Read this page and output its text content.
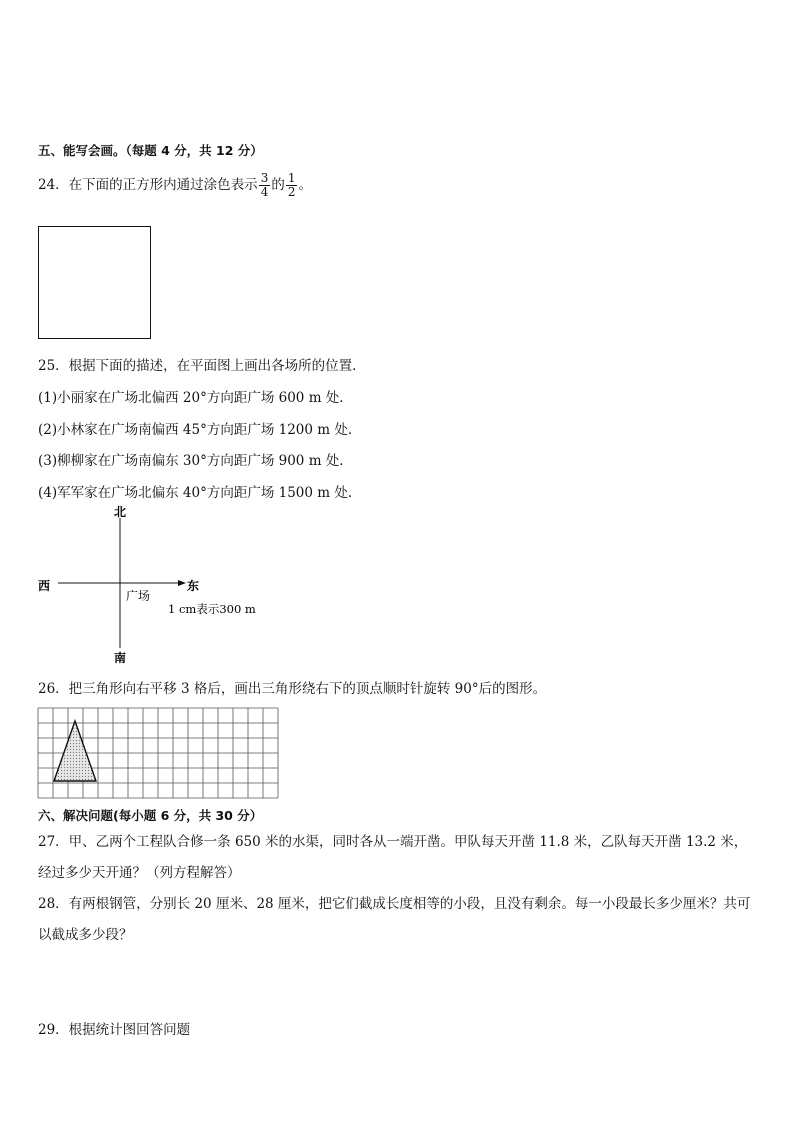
五、能写会画。（每题 4 分，共 12 分）
24．在下面的正方形内通过涂色表示 $\frac{3}{4}$ 的 $\frac{1}{2}$ 。
25．根据下面的描述，在平面图上画出各场所的位置．
(1)小丽家在广场北偏西 20°方向距广场 600 m 处．
(2)小林家在广场南偏西 45°方向距广场 1200 m 处．
(3)柳柳家在广场南偏东 30°方向距广场 900 m 处．
(4)军军家在广场北偏东 40°方向距广场 1500 m 处．
北
西	东
南
广场
1 cm表示300 m
26．把三角形向右平移 3 格后，画出三角形绕右下的顶点顺时针旋转 90°后的图形。
六、解决问题(每小题 6 分，共 30 分）
27．甲、乙两个工程队合修一条 650 米的水渠，同时各从一端开凿。甲队每天开凿 11.8 米，乙队每天开凿 13.2 米，经过多少天开通？（列方程解答）
28．有两根钢管，分别长 20 厘米、28 厘米，把它们截成长度相等的小段，且没有剩余。每一小段最长多少厘米？共可以截成多少段？
29．根据统计图回答问题
